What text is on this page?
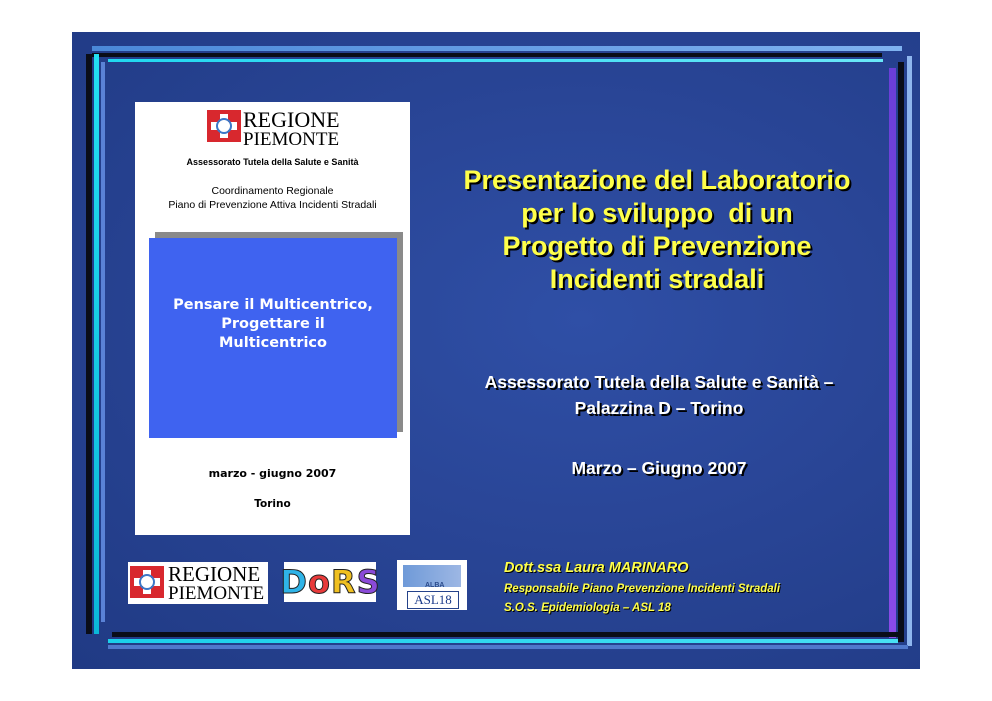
REGIONE
PIEMONTE
Assessorato Tutela della Salute e Sanità
Coordinamento Regionale
Piano di Prevenzione Attiva Incidenti Stradali
Pensare il Multicentrico,
Progettare il
Multicentrico
marzo - giugno 2007
Torino
Presentazione del Laboratorio
per lo sviluppo  di un
Progetto di Prevenzione
Incidenti stradali
Assessorato Tutela della Salute e Sanità –
Palazzina D – Torino
Marzo – Giugno 2007
Dott.ssa Laura MARINARO
Responsabile Piano Prevenzione Incidenti Stradali
S.O.S. Epidemiologia – ASL 18
REGIONE
PIEMONTE D o R S	ALBA
ASL18
